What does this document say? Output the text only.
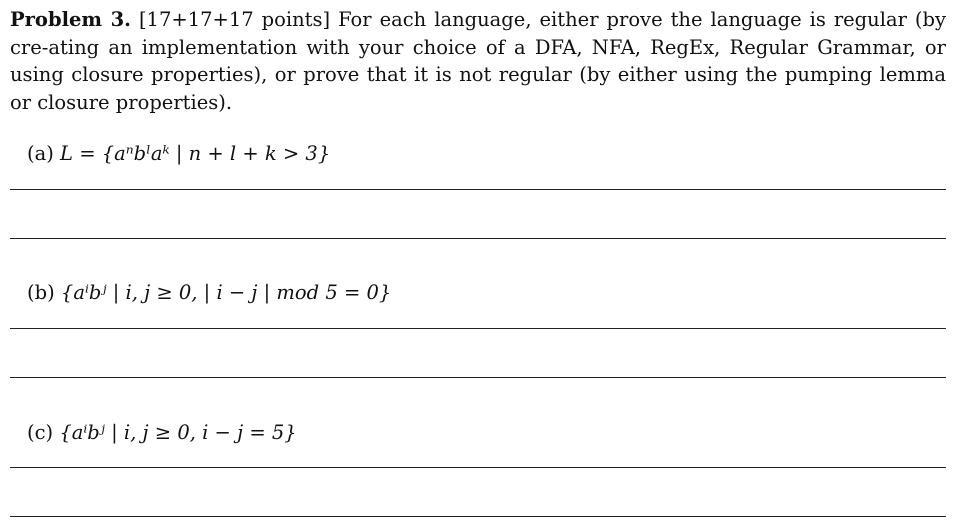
Problem 3. [17+17+17 points] For each language, either prove the language is regular (by cre-ating an implementation with your choice of a DFA, NFA, RegEx, Regular Grammar, or using closure properties), or prove that it is not regular (by either using the pumping lemma or closure properties).
(a) L = {aⁿbˡaᵏ | n + l + k > 3}
(b) {aⁱbʲ | i, j ≥ 0, | i − j | mod 5 = 0}
(c) {aⁱbʲ | i, j ≥ 0, i − j = 5}
